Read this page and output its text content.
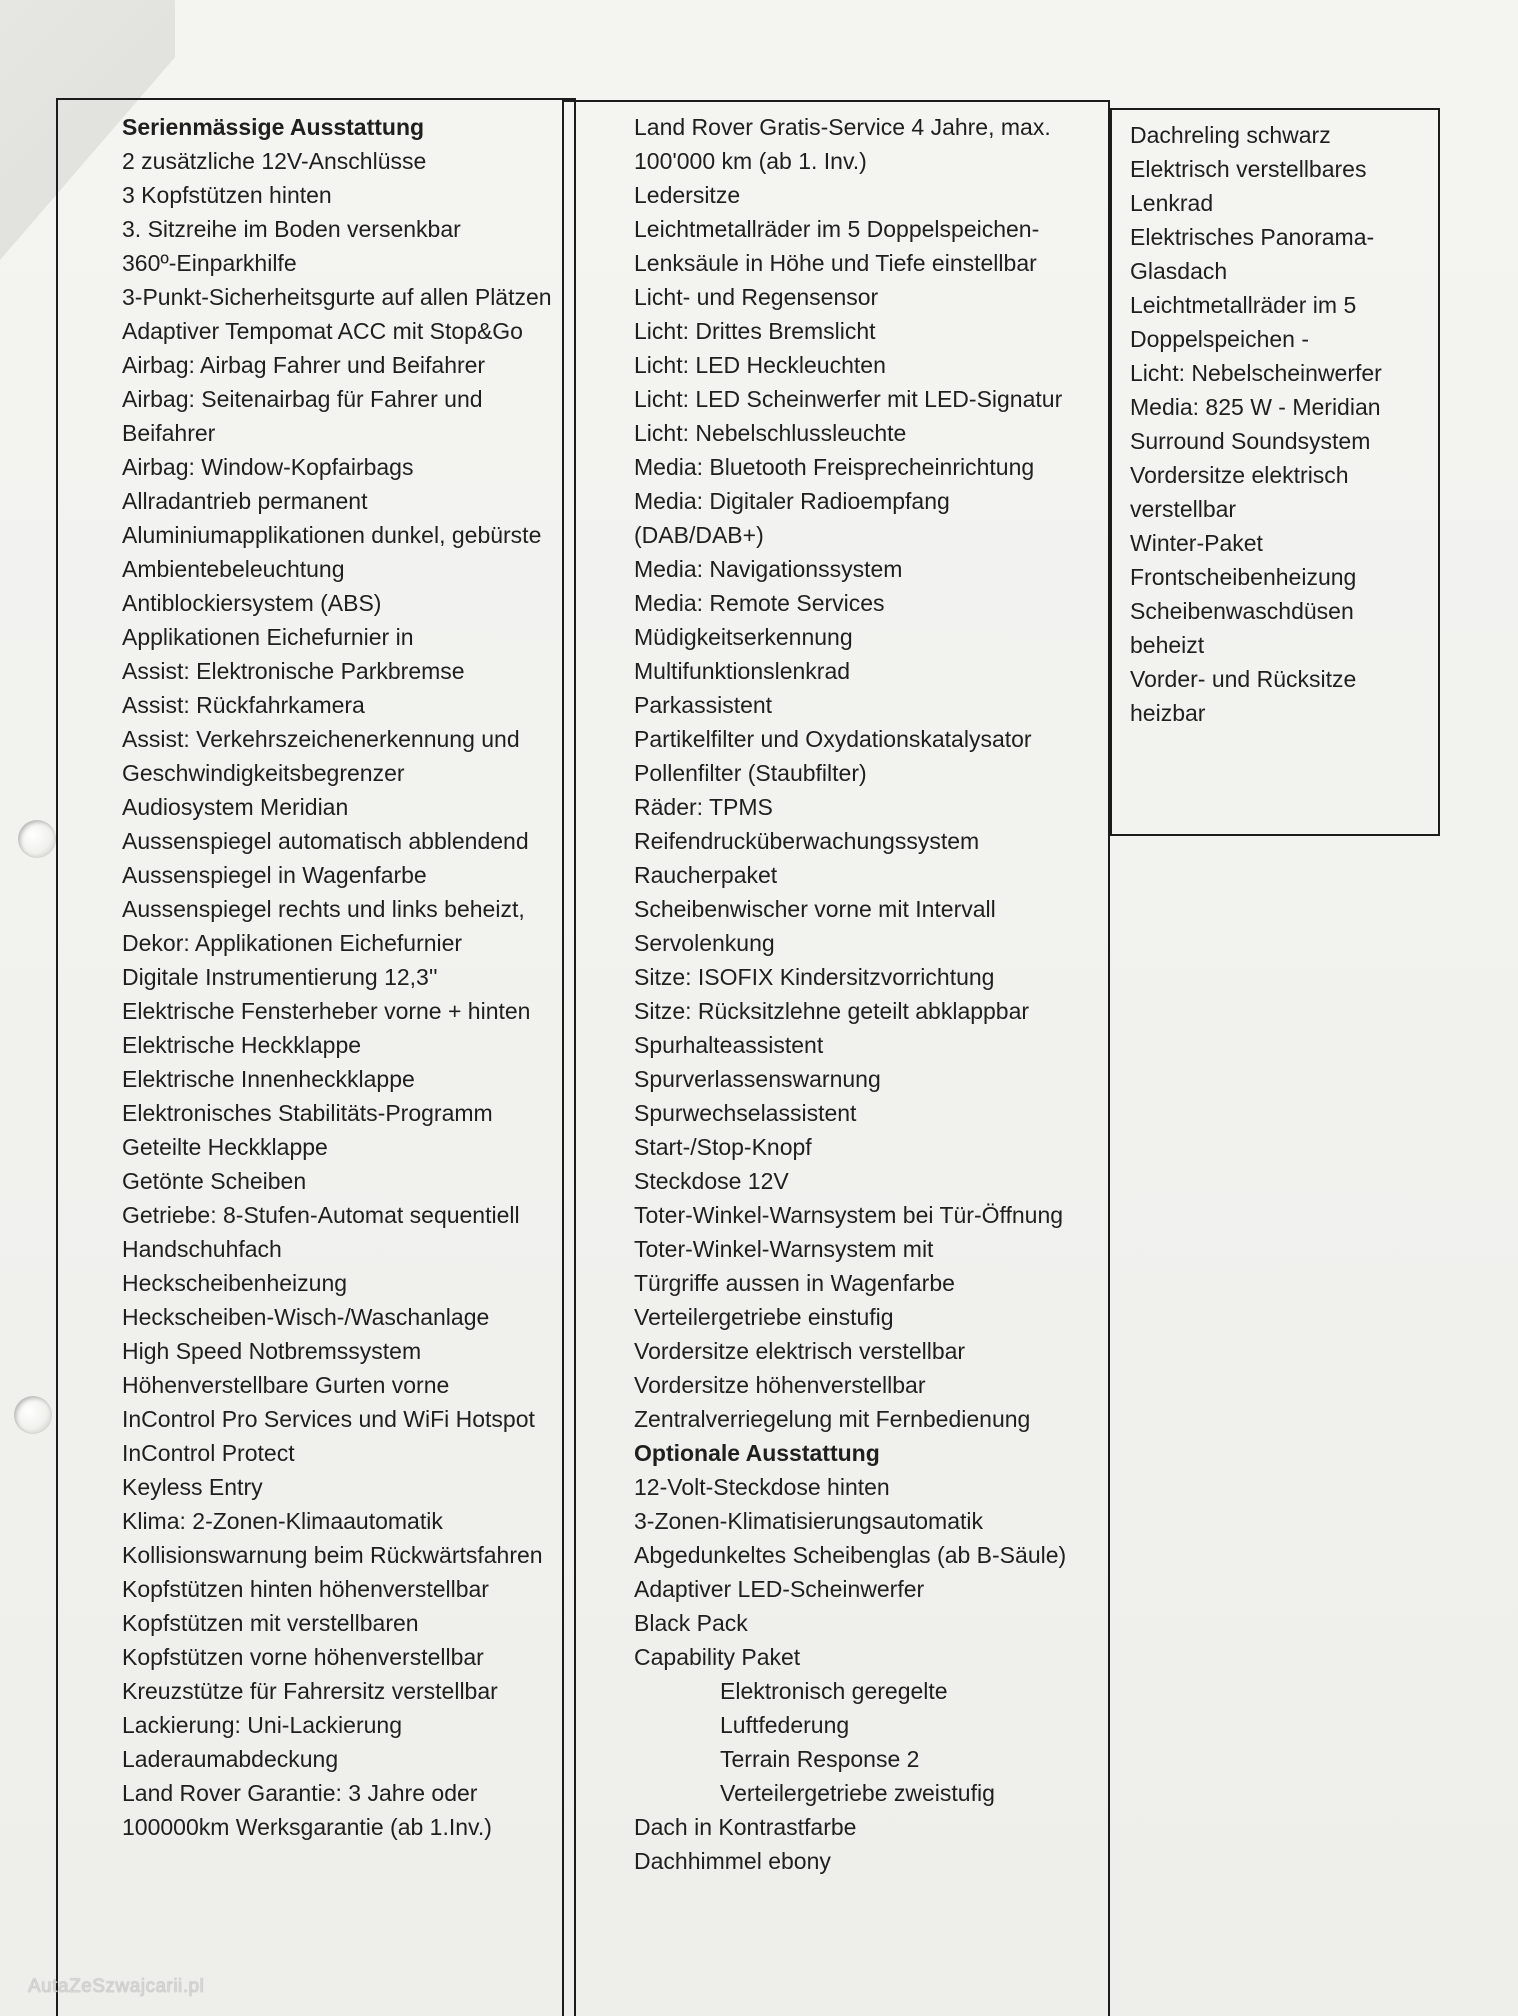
Serienmässige Ausstattung
2 zusätzliche 12V-Anschlüsse
3 Kopfstützen hinten
3. Sitzreihe im Boden versenkbar
360º-Einparkhilfe
3-Punkt-Sicherheitsgurte auf allen Plätzen
Adaptiver Tempomat ACC mit Stop&Go
Airbag: Airbag Fahrer und Beifahrer
Airbag: Seitenairbag für Fahrer und
Beifahrer
Airbag: Window-Kopfairbags
Allradantrieb permanent
Aluminiumapplikationen dunkel, gebürste
Ambientebeleuchtung
Antiblockiersystem (ABS)
Applikationen Eichefurnier in
Assist: Elektronische Parkbremse
Assist: Rückfahrkamera
Assist: Verkehrszeichenerkennung und
Geschwindigkeitsbegrenzer
Audiosystem Meridian
Aussenspiegel automatisch abblendend
Aussenspiegel in Wagenfarbe
Aussenspiegel rechts und links beheizt,
Dekor: Applikationen Eichefurnier
Digitale Instrumentierung 12,3''
Elektrische Fensterheber vorne + hinten
Elektrische Heckklappe
Elektrische Innenheckklappe
Elektronisches Stabilitäts-Programm
Geteilte Heckklappe
Getönte Scheiben
Getriebe: 8-Stufen-Automat sequentiell
Handschuhfach
Heckscheibenheizung
Heckscheiben-Wisch-/Waschanlage
High Speed Notbremssystem
Höhenverstellbare Gurten vorne
InControl Pro Services und WiFi Hotspot
InControl Protect
Keyless Entry
Klima: 2-Zonen-Klimaautomatik
Kollisionswarnung beim Rückwärtsfahren
Kopfstützen hinten höhenverstellbar
Kopfstützen mit verstellbaren
Kopfstützen vorne höhenverstellbar
Kreuzstütze für Fahrersitz verstellbar
Lackierung: Uni-Lackierung
Laderaumabdeckung
Land Rover Garantie: 3 Jahre oder
100000km Werksgarantie (ab 1.Inv.)
Land Rover Gratis-Service 4 Jahre, max.
100'000 km (ab 1. Inv.)
Ledersitze
Leichtmetallräder im 5 Doppelspeichen-
Lenksäule in Höhe und Tiefe einstellbar
Licht- und Regensensor
Licht: Drittes Bremslicht
Licht: LED Heckleuchten
Licht: LED Scheinwerfer mit LED-Signatur
Licht: Nebelschlussleuchte
Media: Bluetooth Freisprecheinrichtung
Media: Digitaler Radioempfang
(DAB/DAB+)
Media: Navigationssystem
Media: Remote Services
Müdigkeitserkennung
Multifunktionslenkrad
Parkassistent
Partikelfilter und Oxydationskatalysator
Pollenfilter (Staubfilter)
Räder: TPMS
Reifendrucküberwachungssystem
Raucherpaket
Scheibenwischer vorne mit Intervall
Servolenkung
Sitze: ISOFIX Kindersitzvorrichtung
Sitze: Rücksitzlehne geteilt abklappbar
Spurhalteassistent
Spurverlassenswarnung
Spurwechselassistent
Start-/Stop-Knopf
Steckdose 12V
Toter-Winkel-Warnsystem bei Tür-Öffnung
Toter-Winkel-Warnsystem mit
Türgriffe aussen in Wagenfarbe
Verteilergetriebe einstufig
Vordersitze elektrisch verstellbar
Vordersitze höhenverstellbar
Zentralverriegelung mit Fernbedienung
Optionale Ausstattung
12-Volt-Steckdose hinten
3-Zonen-Klimatisierungsautomatik
Abgedunkeltes Scheibenglas (ab B-Säule)
Adaptiver LED-Scheinwerfer
Black Pack
Capability Paket
Elektronisch geregelte
Luftfederung
Terrain Response 2
Verteilergetriebe zweistufig
Dach in Kontrastfarbe
Dachhimmel ebony
Dachreling schwarz
Elektrisch verstellbares
Lenkrad
Elektrisches Panorama-
Glasdach
Leichtmetallräder im 5
Doppelspeichen -
Licht: Nebelscheinwerfer
Media: 825 W - Meridian
Surround Soundsystem
Vordersitze elektrisch
verstellbar
Winter-Paket
Frontscheibenheizung
Scheibenwaschdüsen
beheizt
Vorder- und Rücksitze
heizbar
AutaZeSzwajcarii.pl
